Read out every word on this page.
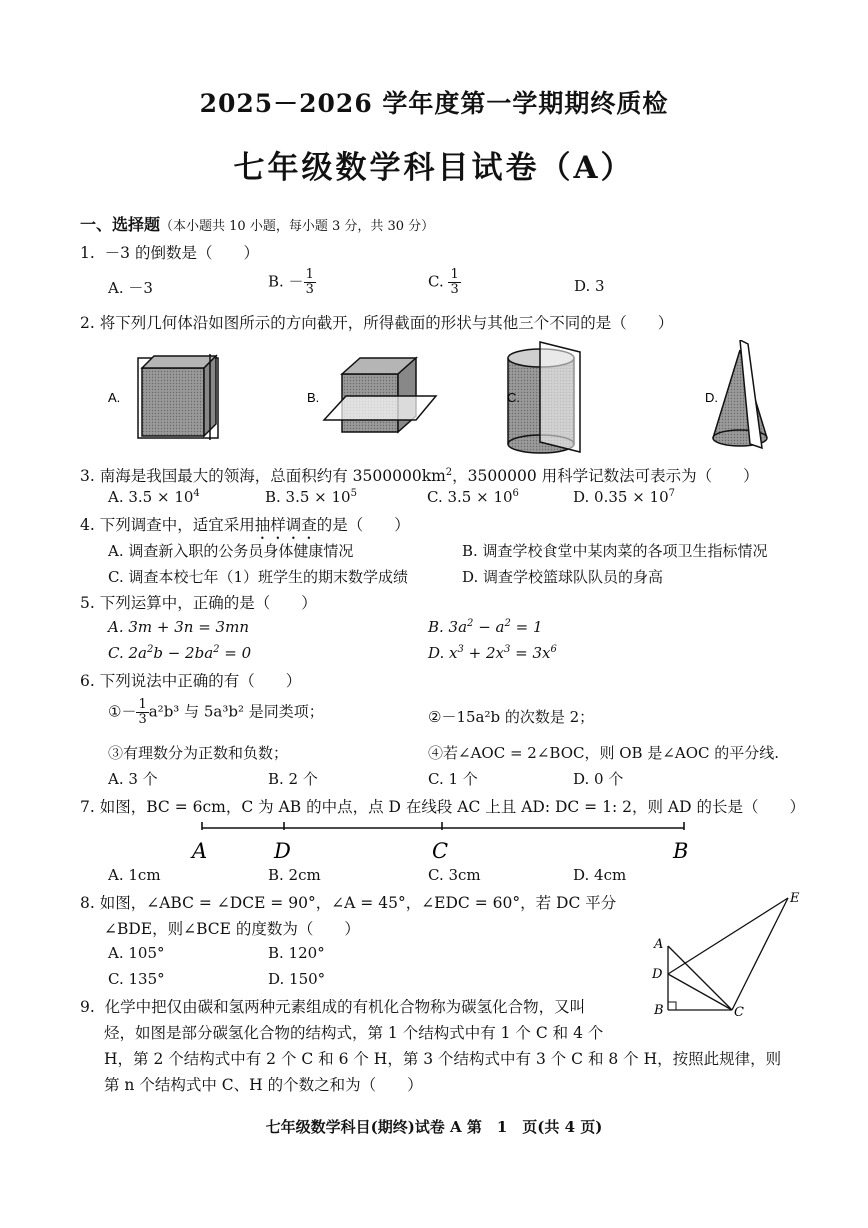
2025－2026 学年度第一学期期终质检
七年级数学科目试卷（A）
一、选择题（本小题共 10 小题，每小题 3 分，共 30 分）
1. －3 的倒数是（　　）
A. －3	B. － $\frac{1}{3}$	C. $\frac{1}{3}$	D. 3
2. 将下列几何体沿如图所示的方向截开，所得截面的形状与其他三个不同的是（　　）
A.	B.	C.	D.
3. 南海是我国最大的领海，总面积约有 $3500000km^2$，3500000 用科学记数法可表示为（　　）
A. $3.5 \times 10^4$	B. $3.5 \times 10^5$	C. $3.5 \times 10^6$	D. $0.35 \times 10^7$
4. 下列调查中，适宜采用抽样调查的是（　　）
A. 调查新入职的公务员身体健康情况	B. 调查学校食堂中某肉菜的各项卫生指标情况
C. 调查本校七年（1）班学生的期末数学成绩	D. 调查学校篮球队队员的身高
5. 下列运算中，正确的是（　　）
A. 3m + 3n = 3mn	B. $3a^2 - a^2 = 1$
C. $2a^2b - 2ba^2 = 0$	D. $x^3 + 2x^3 = 3x^6$
6. 下列说法中正确的有（　　）
①－ $\frac{1}{3} a^2b^3$ 与 5a³b² 是同类项；	②－15a²b 的次数是 2；
③有理数分为正数和负数；	④若∠AOC = 2∠BOC，则 OB 是∠AOC 的平分线.
A. 3 个	B. 2 个	C. 1 个	D. 0 个
7. 如图，BC = 6cm，C 为 AB 的中点，点 D 在线段 AC 上且 AD: DC = 1: 2，则 AD 的长是（　　）
A	D	C	B
A. 1cm	B. 2cm	C. 3cm	D. 4cm
8. 如图，∠ABC = ∠DCE = 90°，∠A = 45°，∠EDC = 60°，若 DC 平分
∠BDE，则∠BCE 的度数为（　　）
A. 105°	B. 120°
C. 135°	D. 150°
A
D
B	C
E
9. 化学中把仅由碳和氢两种元素组成的有机化合物称为碳氢化合物，又叫
烃，如图是部分碳氢化合物的结构式，第 1 个结构式中有 1 个 C 和 4 个
H，第 2 个结构式中有 2 个 C 和 6 个 H，第 3 个结构式中有 3 个 C 和 8 个 H，按照此规律，则
第 n 个结构式中 C、H 的个数之和为（　　）
七年级数学科目(期终)试卷 A 第　1　页(共 4 页)
